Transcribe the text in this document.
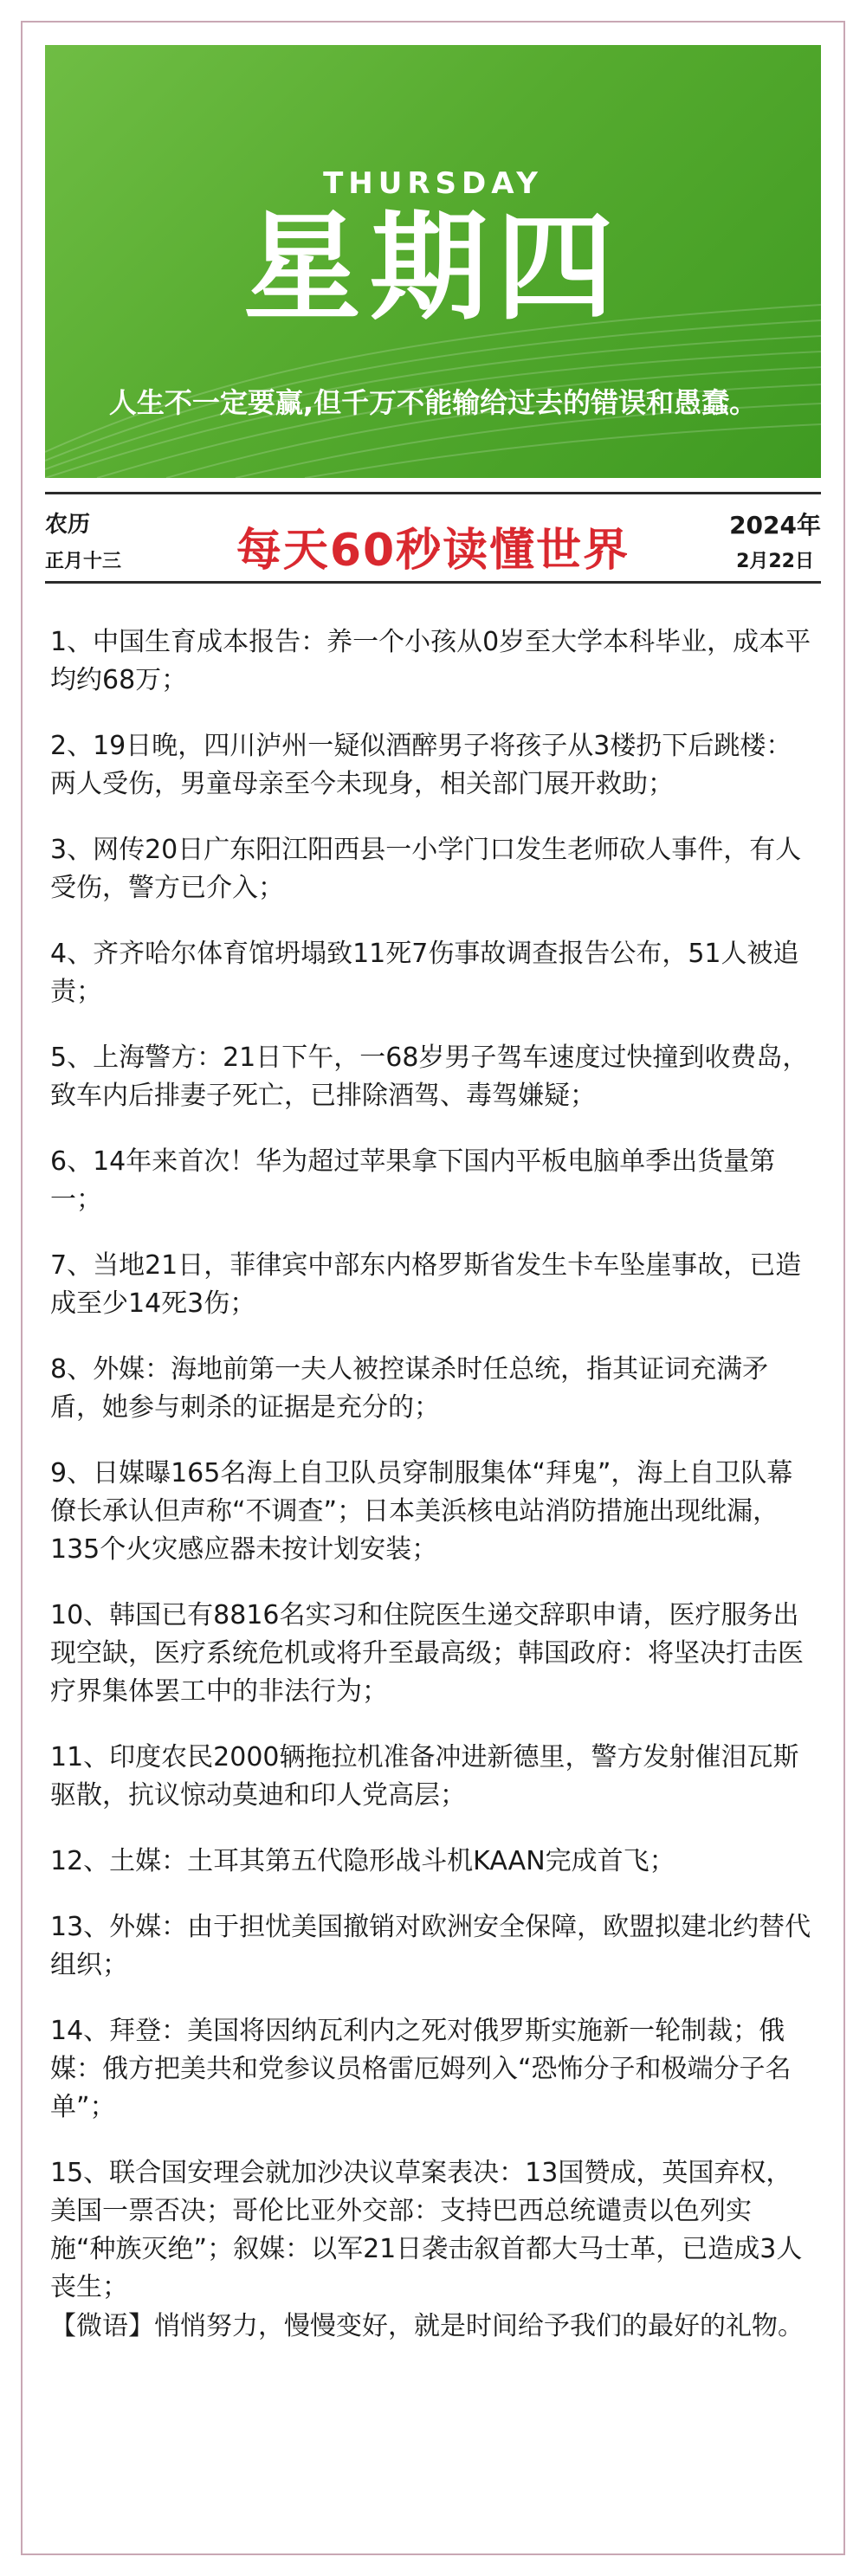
THURSDAY
星期四
人生不一定要赢,但千万不能输给过去的错误和愚蠢。
农历
正月十三	每天60秒读懂世界	2024年
2月22日
1、中国生育成本报告：养一个小孩从0岁至大学本科毕业，成本平均约68万；
2、19日晚，四川泸州一疑似酒醉男子将孩子从3楼扔下后跳楼：两人受伤，男童母亲至今未现身，相关部门展开救助；
3、网传20日广东阳江阳西县一小学门口发生老师砍人事件，有人受伤，警方已介入；
4、齐齐哈尔体育馆坍塌致11死7伤事故调查报告公布，51人被追责；
5、上海警方：21日下午，一68岁男子驾车速度过快撞到收费岛，致车内后排妻子死亡，已排除酒驾、毒驾嫌疑；
6、14年来首次！华为超过苹果拿下国内平板电脑单季出货量第一；
7、当地21日，菲律宾中部东内格罗斯省发生卡车坠崖事故，已造成至少14死3伤；
8、外媒：海地前第一夫人被控谋杀时任总统，指其证词充满矛盾，她参与刺杀的证据是充分的；
9、日媒曝165名海上自卫队员穿制服集体“拜鬼”，海上自卫队幕僚长承认但声称“不调查”；日本美浜核电站消防措施出现纰漏，135个火灾感应器未按计划安装；
10、韩国已有8816名实习和住院医生递交辞职申请，医疗服务出现空缺，医疗系统危机或将升至最高级；韩国政府：将坚决打击医疗界集体罢工中的非法行为；
11、印度农民2000辆拖拉机准备冲进新德里，警方发射催泪瓦斯驱散，抗议惊动莫迪和印人党高层；
12、土媒：土耳其第五代隐形战斗机KAAN完成首飞；
13、外媒：由于担忧美国撤销对欧洲安全保障，欧盟拟建北约替代组织；
14、拜登：美国将因纳瓦利内之死对俄罗斯实施新一轮制裁；俄媒：俄方把美共和党参议员格雷厄姆列入“恐怖分子和极端分子名单”；
15、联合国安理会就加沙决议草案表决：13国赞成，英国弃权，美国一票否决；哥伦比亚外交部：支持巴西总统谴责以色列实施“种族灭绝”；叙媒：以军21日袭击叙首都大马士革，已造成3人丧生；
【微语】悄悄努力，慢慢变好，就是时间给予我们的最好的礼物。
